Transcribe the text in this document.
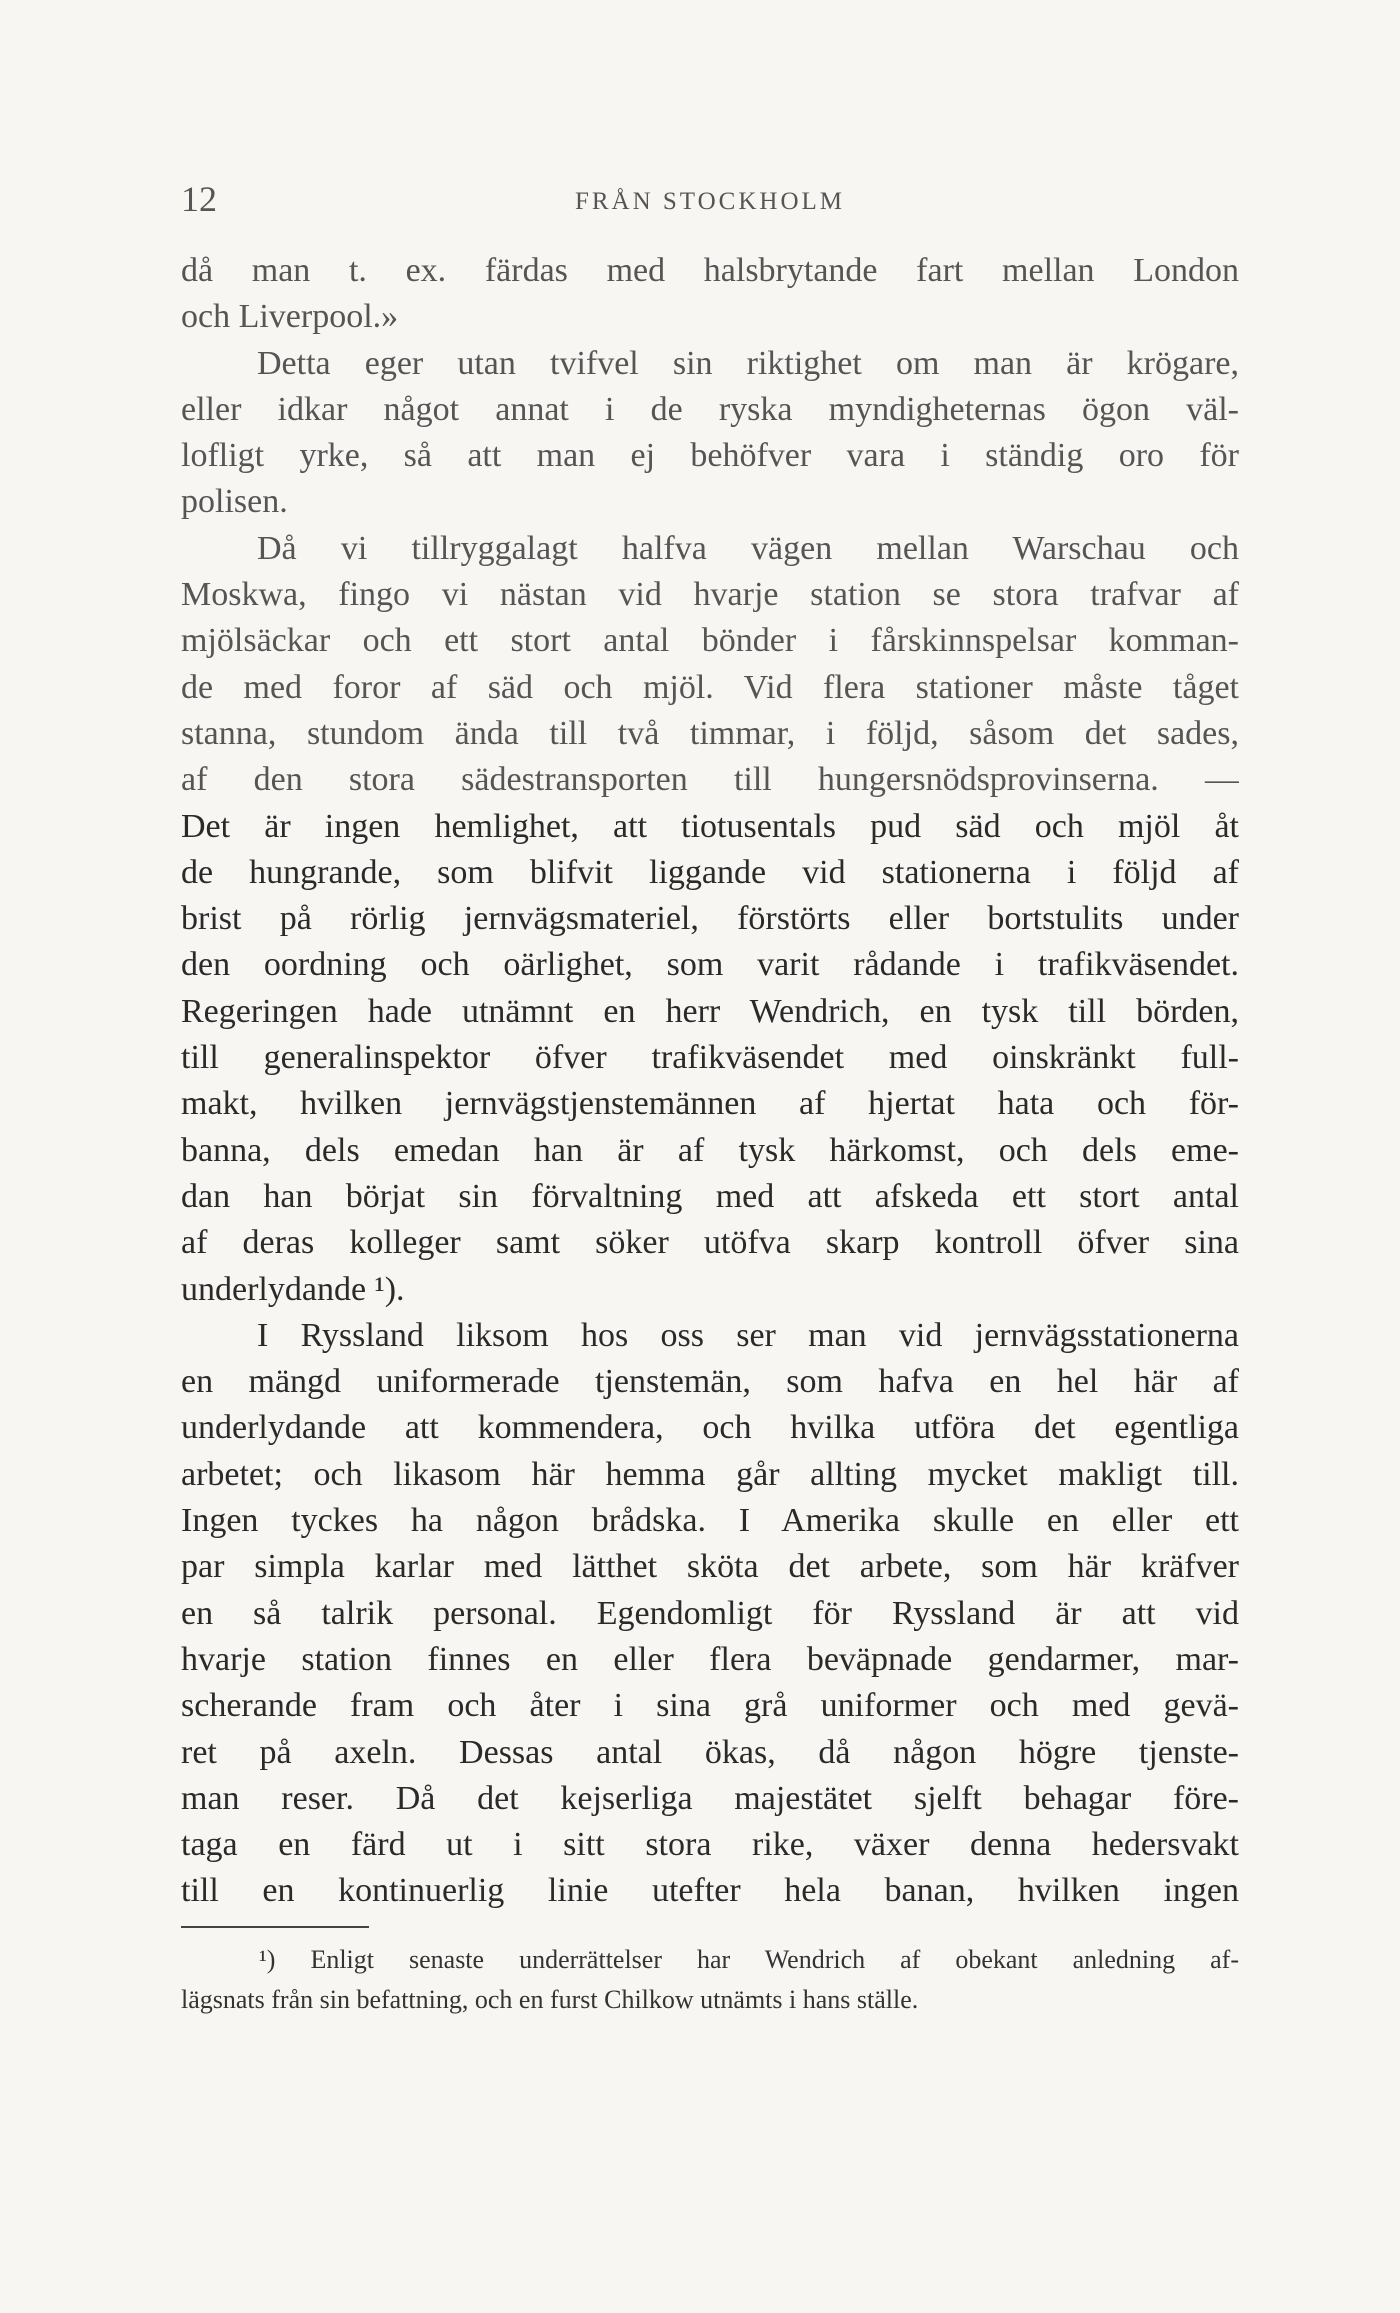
12	FRÅN STOCKHOLM
då man t. ex. färdas med halsbrytande fart mellan London
och Liverpool.»
Detta eger utan tvifvel sin riktighet om man är krögare,
eller idkar något annat i de ryska myndigheternas ögon väl-
lofligt yrke, så att man ej behöfver vara i ständig oro för
polisen.
Då vi tillryggalagt halfva vägen mellan Warschau och
Moskwa, fingo vi nästan vid hvarje station se stora trafvar af
mjölsäckar och ett stort antal bönder i fårskinnspelsar komman-
de med foror af säd och mjöl. Vid flera stationer måste tåget
stanna, stundom ända till två timmar, i följd, såsom det sades,
af den stora sädestransporten till hungersnödsprovinserna. —
Det är ingen hemlighet, att tiotusentals pud säd och mjöl åt
de hungrande, som blifvit liggande vid stationerna i följd af
brist på rörlig jernvägsmateriel, förstörts eller bortstulits under
den oordning och oärlighet, som varit rådande i trafikväsendet.
Regeringen hade utnämnt en herr Wendrich, en tysk till börden,
till generalinspektor öfver trafikväsendet med oinskränkt full-
makt, hvilken jernvägstjenstemännen af hjertat hata och för-
banna, dels emedan han är af tysk härkomst, och dels eme-
dan han börjat sin förvaltning med att afskeda ett stort antal
af deras kolleger samt söker utöfva skarp kontroll öfver sina
underlydande ¹).
I Ryssland liksom hos oss ser man vid jernvägsstationerna
en mängd uniformerade tjenstemän, som hafva en hel här af
underlydande att kommendera, och hvilka utföra det egentliga
arbetet; och likasom här hemma går allting mycket makligt till.
Ingen tyckes ha någon brådska. I Amerika skulle en eller ett
par simpla karlar med lätthet sköta det arbete, som här kräfver
en så talrik personal. Egendomligt för Ryssland är att vid
hvarje station finnes en eller flera beväpnade gendarmer, mar-
scherande fram och åter i sina grå uniformer och med gevä-
ret på axeln. Dessas antal ökas, då någon högre tjenste-
man reser. Då det kejserliga majestätet sjelft behagar före-
taga en färd ut i sitt stora rike, växer denna hedersvakt
till en kontinuerlig linie utefter hela banan, hvilken ingen
¹) Enligt senaste underrättelser har Wendrich af obekant anledning af-
lägsnats från sin befattning, och en furst Chilkow utnämts i hans ställe.
